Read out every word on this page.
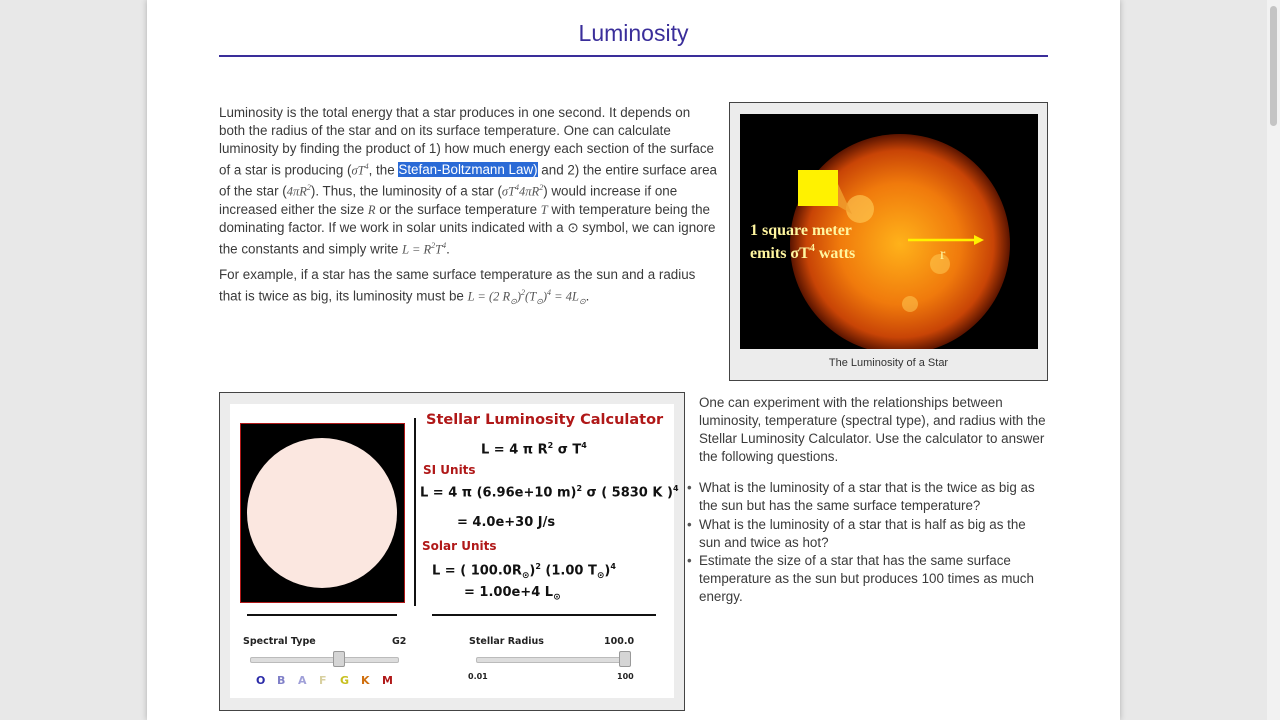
Luminosity

Luminosity is the total energy that a star produces in one second. It depends on both the radius of the star and on its surface temperature. One can calculate luminosity by finding the product of 1) how much energy each section of the surface of a star is producing ($\sigma T^4$, the Stefan-Boltzmann Law) and 2) the entire surface area of the star $(4\pi R^2)$. Thus, the luminosity of a star $(\sigma T^44\pi R^2)$ would increase if one increased either the size R or the surface temperature T with temperature being the dominating factor. If we work in solar units indicated with a ⊙ symbol, we can ignore the constants and simply write $L = R^2T^4$.

For example, if a star has the same surface temperature as the sun and a radius that is twice as big, its luminosity must be L = (2 $R_⊙)^2(T_⊙)^4 = 4L_⊙$.

1 square meter
emits $\sigma T^4$ watts	r
The Luminosity of a Star
Stellar Luminosity Calculator
L = 4 π $R^2$ σ $T^4$
SI Units
L = 4 π (6.96e+10 m)$^2$ σ ( 5830 K )$^4$
= 4.0e+30 J/s
Solar Units
L = ( $100.0R_⊙)^2$ (1.00 $T_⊙)^4$
= 1.00e+4 $L_⊙$
Spectral Type	G2
O B A F G K M
Stellar Radius	100.0
0.01	100

One can experiment with the relationships between luminosity, temperature (spectral type), and radius with the Stellar Luminosity Calculator. Use the calculator to answer the following questions.

• What is the luminosity of a star that is the twice as big as the sun but has the same surface temperature?
• What is the luminosity of a star that is half as big as the sun and twice as hot?
• Estimate the size of a star that has the same surface temperature as the sun but produces 100 times as much energy.
